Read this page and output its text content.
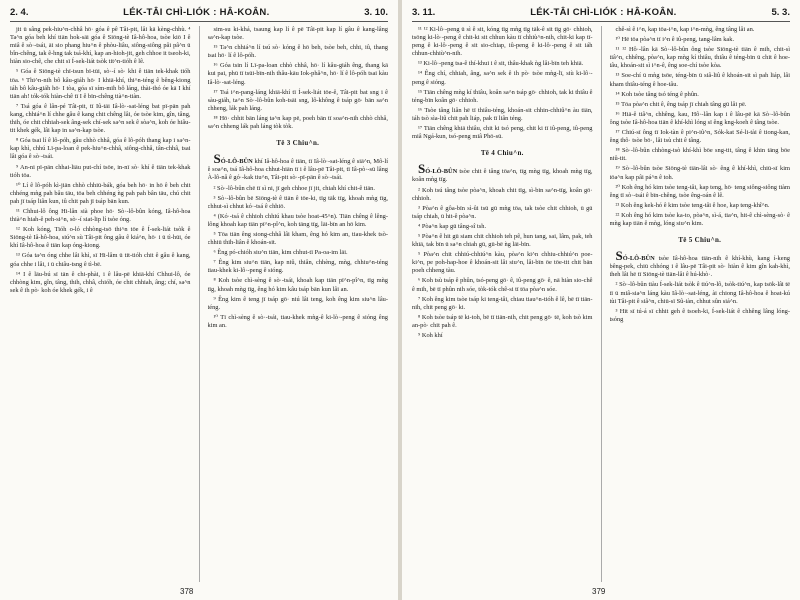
2. 4.	LÉK-TÂI CHÌ-LIÓK : HÂ-KOÂN.	3. 10.

jit ū sâng pek-hiu^n-chhâ hō· góa ê pê Tâi-pit, lâi kā kèng-chhù. ⁴ Ta^n góa beh khí tiān hok-sāi góa ê Siōng-tè Iâ-hô-hoa, tsòe kiō I ê miâ ê sò·-tsái, āi sio phang hiu^n ê phòu-liâu, siông-siông pâi pâ^n ū bîn-chêng, tak ê-hng tak tsá-khí, kap an-hioh-jit, geh chhoe it tseoh-ki, hiàn sio-chê, che chit sī Í-sek-liát tsòk tit^n-tióh ê lê.

⁵ Góa ê Siōng-tè chī-tsun bī-tūi, sò·-í sò· khi ê tiān tek-khak tióh tōa. ⁶ Thi^n-nih bô kâu-giáh hō· I khiā-khí, thi^n-téng ê bêng-kiong iáh bô kâu-giáh hō· I tòa, góa sī sím-mih bô láng, thài-thó óe kā I khí tiān ah! tók-tók hiàn-chê tī I ê bīn-chêng tià^n-tiàn.

⁷ Tsá góa ê lân-pé Tâi-pit, tī Iû-tāi Iâ-lò·-sat-léng bat pī-pān pah kang, chhiá^n lí chhe gâu ê kang chit chêng lâi, óe tsòe kim, gîn, tâng, thih, óe chit chhiah-sek âng-sek chí-sek sa^n sek ê sòa^n, koh óe hiâu-tit khek gék, lâi kap in sa^n-kap tsòe.

⁸ Góa tsai lí ê lô-póh, gâu chhò chhâ, góa ê lô-póh thang kap i sa^n-kap khì, chhú Lī-pa-loan ê pek-hiu^n-chhâ, siông-chhâ, tân-chhâ, tsai lâi góa ê sò·-tsái.

⁹ An-ni pī-pān chhai-liāu put-chí tsōe, in-nī sò· khí ê tiān tek-khak tióh tōa.

¹⁰ Lí ê lô-póh kì-jiān chhò chhiū-bák, góa beh hō· in hō ê beh chit chhéng mǹg pah bâu tāu, tōa beh chhéng ǹg pah pah bân tāu, chú chit pah jī tsáp liân kun, iû chit pah jī tsáp bān kun.

¹¹ Chhui-lô ông Hi-lân sià phoe hō· Sò·-lô-bûn kóng, Iâ-hô-hoa thià^n hiah-ê peh-si^n, sò·-í siat-lip lí tsòe óng.

¹² Koh kóng, Tióh o-ló chhòng-tsō thi^n tōe ê Í-sek-liát tsòk ê Siōng-tè Iâ-hô-hoa, siú^n sù Tâi-pit ông gâu ê kiá^n, hō· i ū tì-hūi, óe khí Iâ-hô-hoa ê tiān kap óng-kiong.

¹³ Góa ta^n óng chhe lâi khì, sī Hi-lâm ū tit-tióh chit ê gâu ê kang, góa chhe i lâi, i ū chiâu-tsng ê tì-bē.

¹⁴ I ê lāu-bú sī tān ê chi-phài, i ê lâu-pē khiā-khí Chhui-lô, óe chhòng kim, gîn, tâng, thih, chhâ, chióh, óe chit chhiah, âng; chí, sa^n sek ê ih pò· koh óe khek gék, i ê

sim-su ki-khá, tsaung kap lí ê pē Tâi-pit kap lí gâu ê kang-lâng sa^n-kap tsòe.

¹⁵ Ta^n chhiá^n lí tsú sò· kóng ê hō beh, tsòe beh, chhi, iû, thang tsai hō· lí ê lô-póh.

¹⁶ Góa tsin lí Lī-pa-loan chhò chhâ, hō· lí kâu-giáh êng, thang kā kui pai, phū tī tsūi-bīn-nih thâu-kāu Iok-phâ^n, hō· lí ê lô-póh tsai kàu Iâ-lò·-sat-léng.

¹⁷ Tsá i^n-pang-láng khiā-khí tī Í-sek-liát tōe-ê, Tâi-pit bat sng i ê sàu-giáh, ta^n Sò·-lô-bûn koh-tsāi sng, lô-không ê tsáp gō· bān sa^n chheng, lák pah láng.

¹⁸ Hō· chhit bān láng ta^n kap pē, poeh bān tī soa^n-nih chhò chhâ, sa^n chheng lák pah láng tòk tòk.

Tē 3 Chiu^n.

SÓ-LÔ-BÛN khí Iâ-hô-hoa ê tiān, tī Iâ-lò·-sat-léng ê siā^n, Mô-lí ê soa^n, tsá Iâ-hô-hoa chhut-hiān tī i ê lâu-pē Tâi-pit, tī Iâ-pò·-sū lâng À-lô-nâ ê gó·-kak tiu^n, Tâi-pit sò·-pī-pān ê sò·-tsái.

² Sò·-lô-bûn chē tī sì ni, jī geh chhoe jī jit, chiah khí chit-ê tiān.

³ Sò·-lô-bûn bē Siōng-tè ê tiān ê tōe-ki, tīg tāk tīg, khoah mǹg tīg, chhut-sì chhut kó·-tsá ê chhiō.

⁴ (Kó·-tsá ê chhioh chhiú khau tsòe hoat-45^n). Tiān chêng ê lêng-lông khoah kap tiān pī^n-pî^n, koh tāng tīg, lāi-bīn an hō kim.

⁵ Tōa tiān êng siong-chhâ lâi kham, êng hó kim an, tiau-khek tsò-chhiū thih-liân ê khoán-sit.

⁶ Êng pó-chióh siu^n tiān, kim chhut-tī Pa-oa-im lāi.

⁷ Êng kim siu^n tiān, kap niû, thiân, chhèng, mǹg, chhiu^n-téng tiau-khek ki-lô·-peng ê sióng.

⁸ Koh tsòe chì-sèng ê sò·-tsái, khoah kap tiān pī^n-pî^n, tīg mǹg tīg, khoah mǹg tīg, êng hó kim kâu tsáp bān kun lâi an.

⁹ Êng kim ê teng jī tsáp gō· niú lâi teng, koh êng kim siu^n lâu-téng.

¹⁰ Tī chì-sèng ê sò·-tsái, tiau-khek mǹg-ê ki-lò·-peng ê sióng êng kim an.

378
3. 11.	LÉK-TÂI CHÌ-LIÓK : HÂ-KOÂN.	5. 3.

¹¹ ¹² Ki-lô·-peng ū sì ê sit, kóng tīg mǹg tīg tāk-ê sit tīg gō· chhioh, tsōng ki-lò·-peng ê chit-ki sit chhun kàu tī chhiù^n-nih, chit-ki kap tī-peng ê ki-lô·-peng ê sit sio-chiap, iû-peng ê ki-lô·-peng ê sit iáh chhun-chhiù^n-nih.

¹³ Ki-lô·-peng tsa-ê thí-khui i ê sit, thâu-khak ǹg lâi-bīn teh khiā.

¹⁴ Êng chí, chhiah, âng, sa^n sek ê ih pò· tsòe mǹg-lī, siù ki-lô·-peng ê sióng.

¹⁵ Tiān chêng mǹg kí thiâu, koân sa^n tsáp gō· chhioh, tak ki thiâu ê téng-bīn koân gō· chhioh.

¹⁶ Tsòe tâng liân hē tī thiâu-téng, khoán-sit chhin-chhiû^n àu tiān, iáh tsò sìa-liû chit pah liáp, pak tī liân téng.

¹⁷ Tiān chêng khiā thiâu, chit ki tsó peng, chit ki tī iû-peng, iû-peng miâ Ngá-kun, tsó-peng miâ Phō-sū.

Tē 4 Chiu^n.

SÓ-LÔ-BÛN tsòe chit ê tâng tōa^n, tīg mǹg tīg, khoah mǹg tīg, koân mǹg tīg.

² Koh tsú tâng tsòe pòa^n, khoah chit tīg, sì-bin sa^n-tīg, koân gō· chhioh.

³ Pòa^n ê gôa-bīn sì-ûi tsū gū mǹg tōa, tak tsòe chit chhioh, ū gū tsáp chiah, ū hit-ê pòa^n.

⁴ Pòa^n kap gū tâng-sî tsh.

⁵ Pòa^n ê hit gū siam chit chhioh teh pê, hun tang, sai, lâm, pak, teh khiā, tak bīn ū sa^n chiah gū, gū-bē ǹg lāi-bīn.

⁵ Pòa^n chit chhiú-chhiú^n kàu, pòa^n ki^n chhiu-chhiú^n poe-ki^n, pe poh-hap-hoe ê khoán-sit lâi siu^n, lâi-bīn ōe tōe-tit chit bān poeh chheng tàu.

⁶ Koh tsù tsáp ê phûn, tsó-peng gō· ê, iû-peng gō· ê, nā hiàn sio-chê ê mih, bē tī phûn nih sóe, tòk-tók chê-si tī tōa pòa^n sóe.

⁷ Koh êng kim tsòe tsáp ki teng-tâi, chiau tiau^n-tióh ê lê, bē tī tiān-nih, chit peng gō· ki.

⁸ Koh tsòe tsáp tē ki-toh, bē tī tiān-nih, chit peng gō· tē, koh tsò kim an-pò· chit pah ê.

⁹ Koh khí

chê-sì ê i^n, kap tōa-i^n, kap i^n-mǹg, êng tâng lâi an.

¹⁰ Hē tōa pòa^n tī i^n ê iû-peng, tang-lâm kak.

¹¹ ¹² Hô·-lân kā Sò·-lô-bûn ông tsòe Siōng-tè tiān ê mih, chit-sì tiâ^n, chhêng, pòa^n, kap mǹg kí thiâu, thiâu ê téng-bīn ū chit ê hoe-tâu, khoán-sit sì i^n-ê, êng soe-chí tsòe kòa.

¹³ Soe-chí ū mǹg tsōe, téng-bīn ū siâ-liû ê khoán-sit sì pah liáp, lâi kham thiâu-téng ê hoe-tâu.

¹⁴ Koh tsòe tâng tsó téng ê phûn.

¹⁵ Tōa pòa^n chit ê, êng tsáp jī chiah tâng gū lâi pē.

¹⁶ Hiā-ê tiâ^n, chhêng, kau, Hô·-lân kap i ê lâu-pē kā Sò·-lô-bûn ông tsòe Iâ-hô-hoa tiān ê khí-khì lóng sī êng kng-koeh ê tâng tsòe.

¹⁷ Chiú-sī ông tī Iok-tàn ê pi^n-iû^n, Sók-kat Sé-li-tài ê tiong-kan, êng thô· tsòe bō·, lâi tsù chit ê tâng.

¹⁸ Sò·-lô-bûn chhòng-tsò khí-khì bōe sng-tit, tâng ê khin tāng bōe niû-tit.

¹⁹ Sò·-lô-bûn tsòe Siōng-tè tiān-lâi sò· êng ê khí-khì, chiū-sī kim tōa^n kap pâi pá^n ê toh.

²⁰ Koh êng hó kim tsòe teng-tâi, kap teng, hō· teng siông-siông tiàm êng tī sò·-tsái ê bīn-chêng, tsòe êng-oán ê lê.

²¹ Koh êng kek-hó ê kim tsòe teng-tâi ê hoe, kap teng-khî^n.

²² Koh êng hó kim tsòe ka-to, pòa^n, sì-á, tia^n, hit-ê chì-sèng-sò· ê mǹg kap tiān ê mǹg, lóng siu^n kim.

Tē 5 Chiu^n.

SÓ-LÔ-BÛN tsòe Iâ-hô-hoa tiān-nih ê khí-khù, kang í-keng bêng-pek, chiū chhóng i ê lâu-pē Tâi-pit sò· hiàn ê kim gîn kah-khì, theh lâi hē tī Siōng-tè tiān-lâi ê hú-khò·.

² Sò·-lô-bûn tiàu Í-sek-liát tsòk ê tiú^n-lô, tsòk-tiú^n, kap tsōk-lâi tē tī ū miâ-sia^n láng kàu Iâ-lò·-sat-léng, ài chiong Iâ-hô-hoa ê hoat-kú tùi Tâi-pit ê siâ^n, chiū-sī Sû-iàn, chhut sûn siá^n.

³ Hit sī tú-á sī chhit geh ê tsoeh-ki, Í-sek-liát ê chhêng lâng lóng-tsóng

379
